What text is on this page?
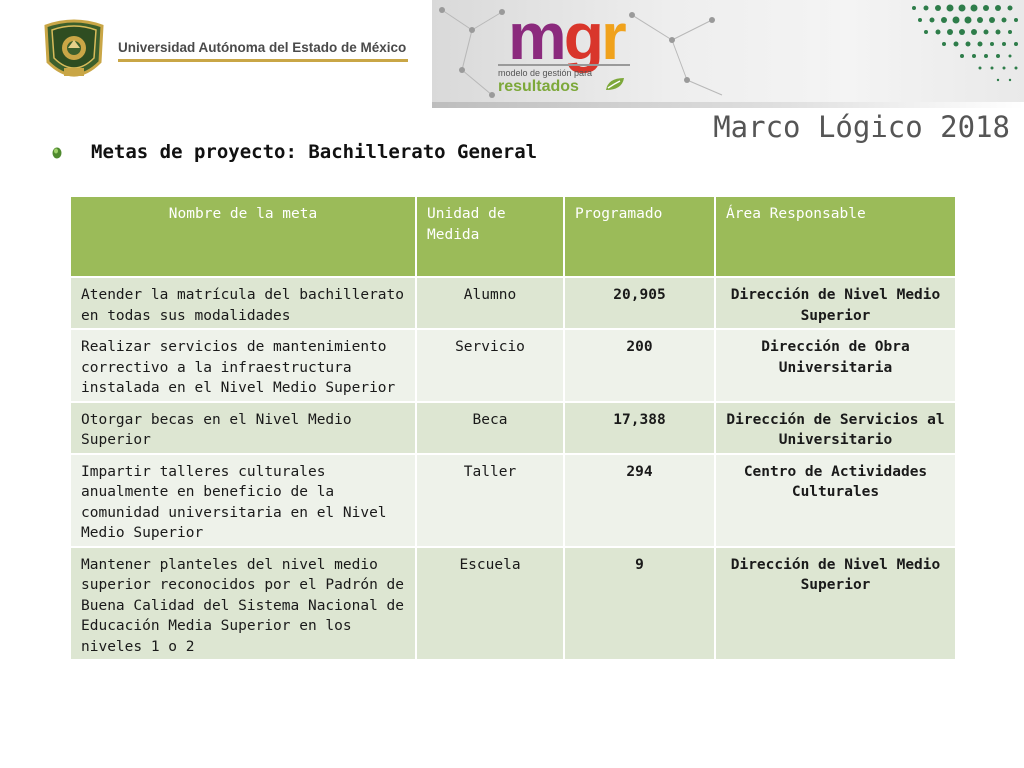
Universidad Autónoma del Estado de México mgr
modelo de gestión para
resultados
Marco Lógico 2018
Metas de proyecto: Bachillerato General
Nombre de la meta	Unidad de Medida	Programado	Área Responsable
Atender la matrícula del bachillerato en todas sus modalidades	Alumno	20,905	Dirección de Nivel Medio Superior
Realizar servicios de mantenimiento correctivo a la infraestructura instalada en el Nivel Medio Superior	Servicio	200	Dirección de Obra Universitaria
Otorgar becas en el Nivel Medio Superior	Beca	17,388	Dirección de Servicios al Universitario
Impartir talleres culturales anualmente en beneficio de la comunidad universitaria en el Nivel Medio Superior	Taller	294	Centro de Actividades Culturales
Mantener planteles del nivel medio superior reconocidos por el Padrón de Buena Calidad del Sistema Nacional de Educación Media Superior en los niveles 1 o 2	Escuela	9	Dirección de Nivel Medio Superior
